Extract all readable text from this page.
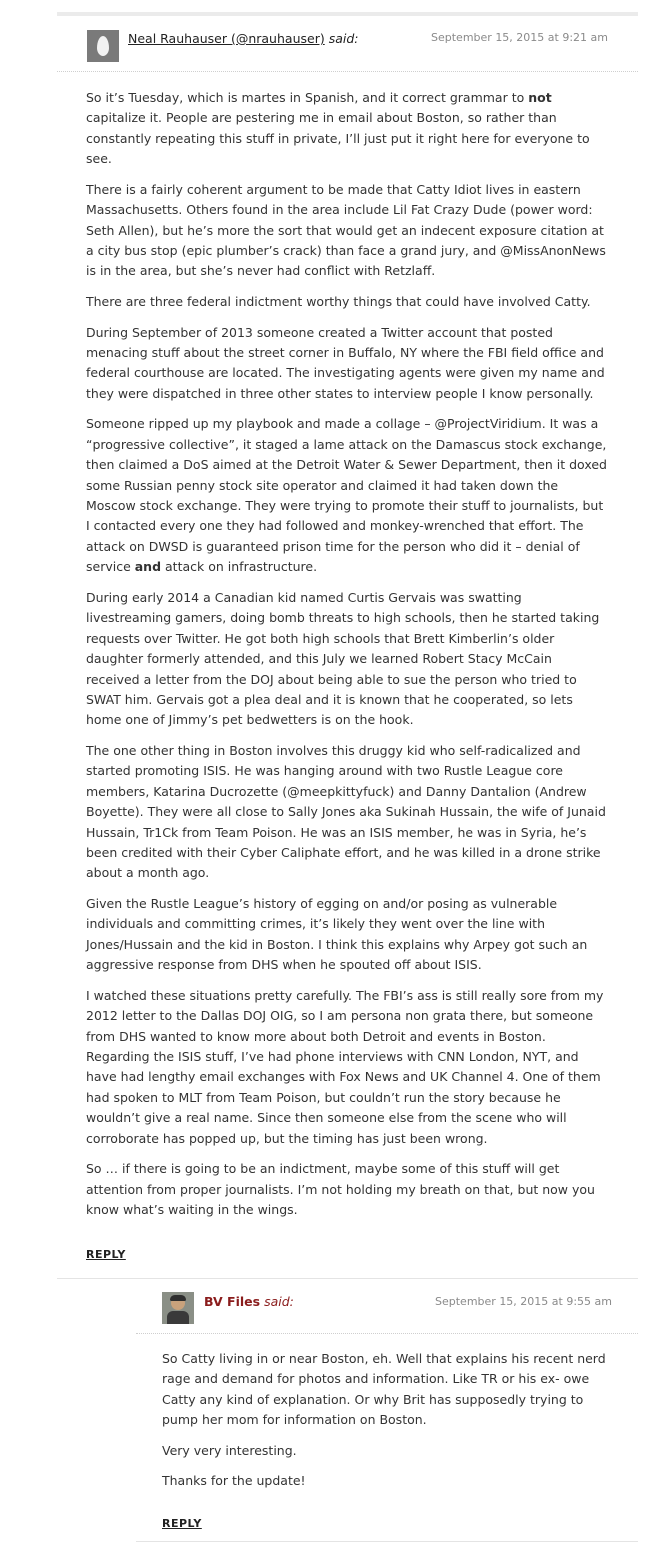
Neal Rauhauser (@nrauhauser) said:	September 15, 2015 at 9:21 am

So it’s Tuesday, which is martes in Spanish, and it correct grammar to not capitalize it. People are pestering me in email about Boston, so rather than constantly repeating this stuff in private, I’ll just put it right here for everyone to see.

There is a fairly coherent argument to be made that Catty Idiot lives in eastern Massachusetts. Others found in the area include Lil Fat Crazy Dude (power word: Seth Allen), but he’s more the sort that would get an indecent exposure citation at a city bus stop (epic plumber’s crack) than face a grand jury, and @MissAnonNews is in the area, but she’s never had conflict with Retzlaff.

There are three federal indictment worthy things that could have involved Catty.

During September of 2013 someone created a Twitter account that posted menacing stuff about the street corner in Buffalo, NY where the FBI field office and federal courthouse are located. The investigating agents were given my name and they were dispatched in three other states to interview people I know personally.

Someone ripped up my playbook and made a collage – @ProjectViridium. It was a “progressive collective”, it staged a lame attack on the Damascus stock exchange, then claimed a DoS aimed at the Detroit Water & Sewer Department, then it doxed some Russian penny stock site operator and claimed it had taken down the Moscow stock exchange. They were trying to promote their stuff to journalists, but I contacted every one they had followed and monkey-wrenched that effort. The attack on DWSD is guaranteed prison time for the person who did it – denial of service and attack on infrastructure.

During early 2014 a Canadian kid named Curtis Gervais was swatting livestreaming gamers, doing bomb threats to high schools, then he started taking requests over Twitter. He got both high schools that Brett Kimberlin’s older daughter formerly attended, and this July we learned Robert Stacy McCain received a letter from the DOJ about being able to sue the person who tried to SWAT him. Gervais got a plea deal and it is known that he cooperated, so lets home one of Jimmy’s pet bedwetters is on the hook.

The one other thing in Boston involves this druggy kid who self-radicalized and started promoting ISIS. He was hanging around with two Rustle League core members, Katarina Ducrozette (@meepkittyfuck) and Danny Dantalion (Andrew Boyette). They were all close to Sally Jones aka Sukinah Hussain, the wife of Junaid Hussain, Tr1Ck from Team Poison. He was an ISIS member, he was in Syria, he’s been credited with their Cyber Caliphate effort, and he was killed in a drone strike about a month ago.

Given the Rustle League’s history of egging on and/or posing as vulnerable individuals and committing crimes, it’s likely they went over the line with Jones/Hussain and the kid in Boston. I think this explains why Arpey got such an aggressive response from DHS when he spouted off about ISIS.

I watched these situations pretty carefully. The FBI’s ass is still really sore from my 2012 letter to the Dallas DOJ OIG, so I am persona non grata there, but someone from DHS wanted to know more about both Detroit and events in Boston. Regarding the ISIS stuff, I’ve had phone interviews with CNN London, NYT, and have had lengthy email exchanges with Fox News and UK Channel 4. One of them had spoken to MLT from Team Poison, but couldn’t run the story because he wouldn’t give a real name. Since then someone else from the scene who will corroborate has popped up, but the timing has just been wrong.

So … if there is going to be an indictment, maybe some of this stuff will get attention from proper journalists. I’m not holding my breath on that, but now you know what’s waiting in the wings.

REPLY
BV Files said:	September 15, 2015 at 9:55 am

So Catty living in or near Boston, eh. Well that explains his recent nerd rage and demand for photos and information. Like TR or his ex- owe Catty any kind of explanation. Or why Brit has supposedly trying to pump her mom for information on Boston.

Very very interesting.

Thanks for the update!

REPLY
